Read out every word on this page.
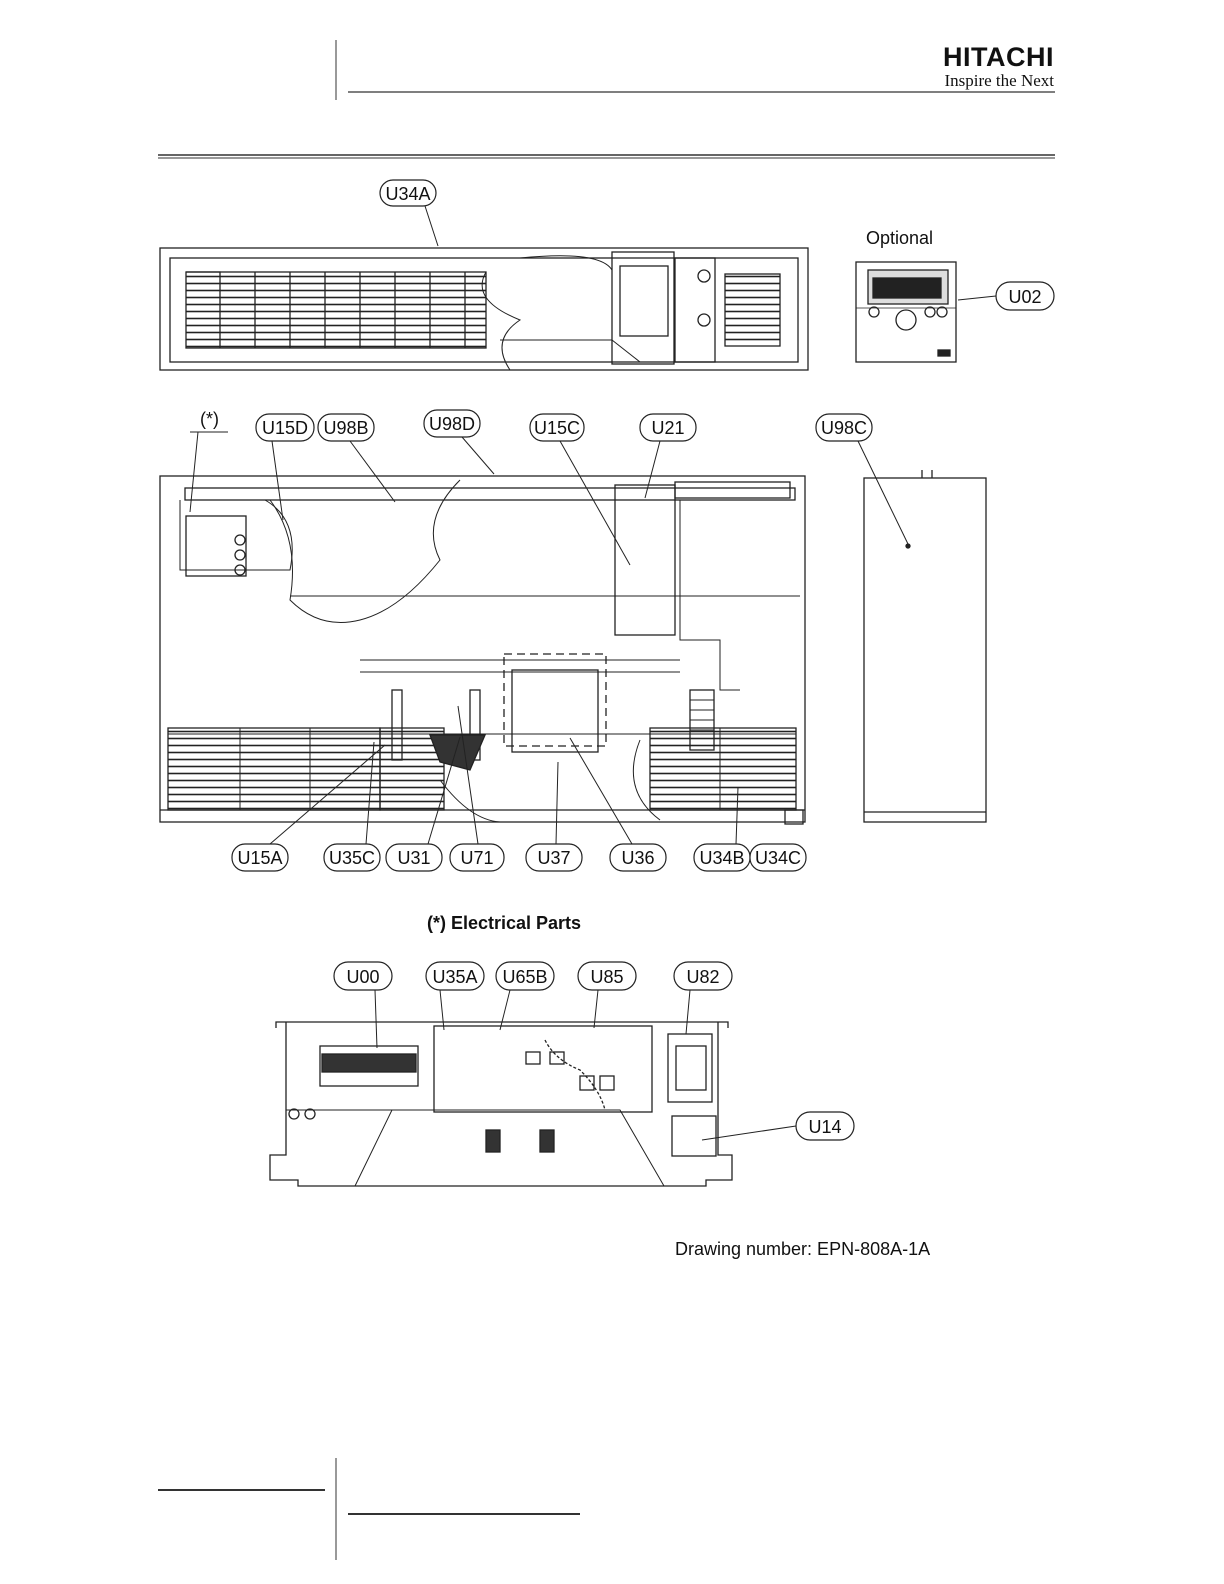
HITACHI
Inspire the Next
Optional
U34A
U02
(*) U15D U98B	U98D	U15C	U21	U98C
U15A	U35C U31 U71 U37	U36 U34B U34C
(*) Electrical Parts
U00	U35A U65B U85	U82
U14
Drawing number: EPN-808A-1A
